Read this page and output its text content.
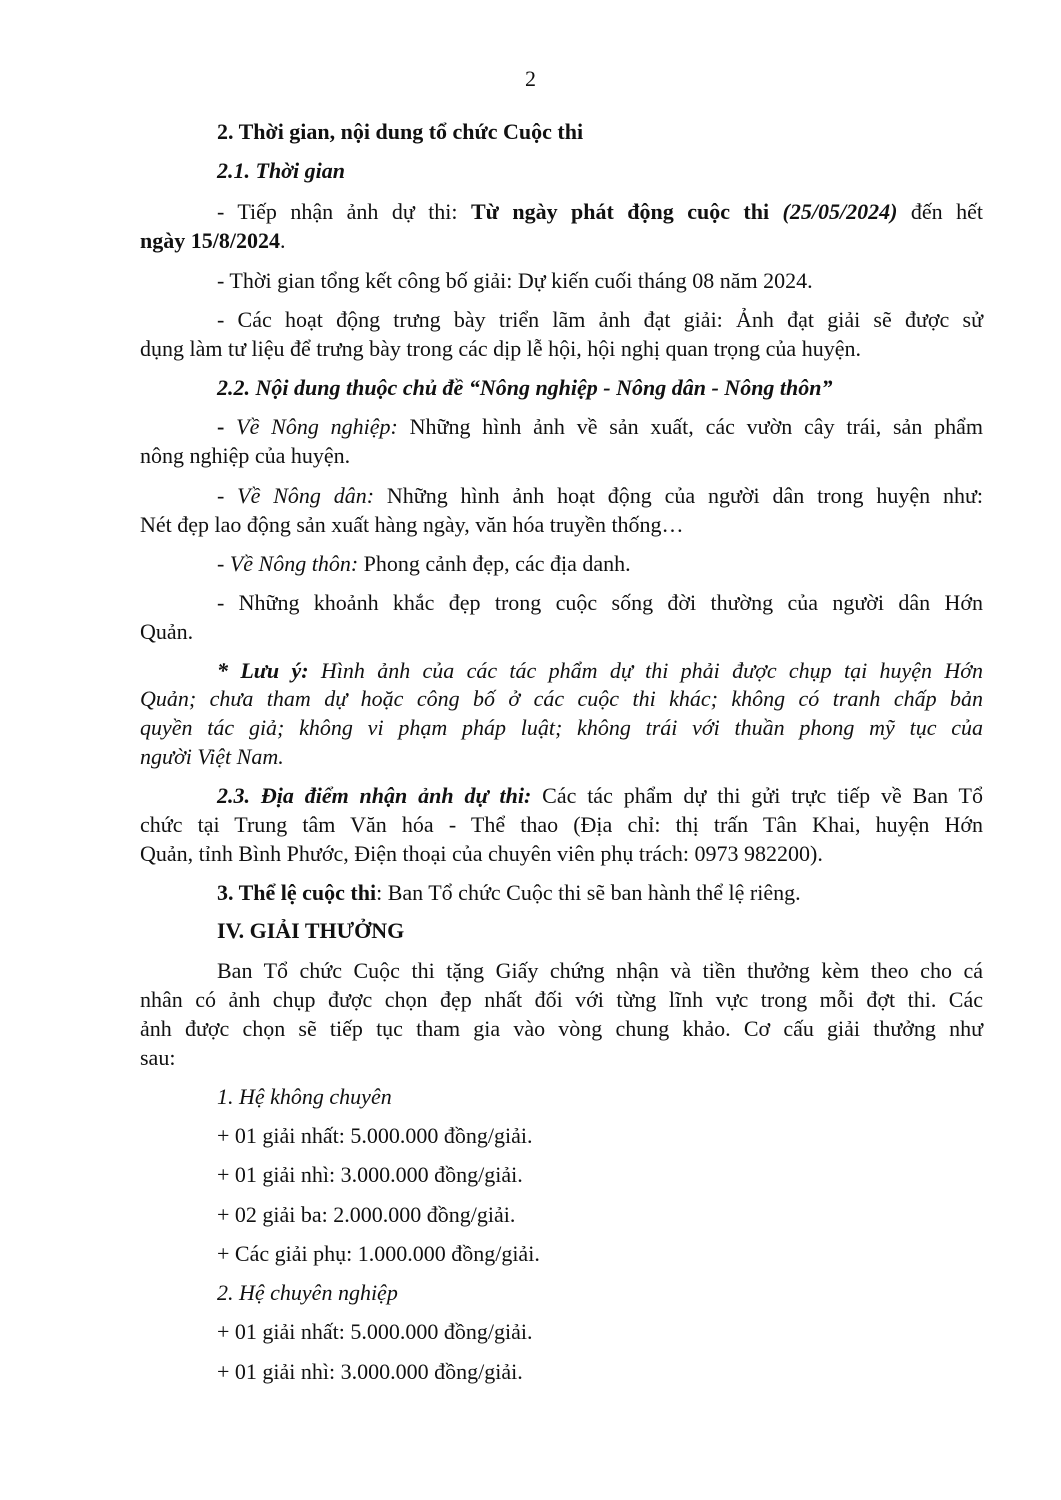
2
2. Thời gian, nội dung tổ chức Cuộc thi
2.1. Thời gian
- Tiếp nhận ảnh dự thi: Từ ngày phát động cuộc thi (25/05/2024) đến hết
ngày 15/8/2024.
- Thời gian tổng kết công bố giải: Dự kiến cuối tháng 08 năm 2024.
- Các hoạt động trưng bày triển lãm ảnh đạt giải: Ảnh đạt giải sẽ được sử
dụng làm tư liệu để trưng bày trong các dịp lễ hội, hội nghị quan trọng của huyện.
2.2. Nội dung thuộc chủ đề “Nông nghiệp - Nông dân - Nông thôn”
- Về Nông nghiệp: Những hình ảnh về sản xuất, các vườn cây trái, sản phẩm
nông nghiệp của huyện.
- Về Nông dân: Những hình ảnh hoạt động của người dân trong huyện như:
Nét đẹp lao động sản xuất hàng ngày, văn hóa truyền thống…
- Về Nông thôn: Phong cảnh đẹp, các địa danh.
- Những khoảnh khắc đẹp trong cuộc sống đời thường của người dân Hớn
Quản.
* Lưu ý: Hình ảnh của các tác phẩm dự thi phải được chụp tại huyện Hớn
Quản; chưa tham dự hoặc công bố ở các cuộc thi khác; không có tranh chấp bản
quyền tác giả; không vi phạm pháp luật; không trái với thuần phong mỹ tục của
người Việt Nam.
2.3. Địa điểm nhận ảnh dự thi: Các tác phẩm dự thi gửi trực tiếp về Ban Tổ
chức tại Trung tâm Văn hóa - Thể thao (Địa chỉ: thị trấn Tân Khai, huyện Hớn
Quản, tỉnh Bình Phước, Điện thoại của chuyên viên phụ trách: 0973 982200).
3. Thể lệ cuộc thi: Ban Tổ chức Cuộc thi sẽ ban hành thể lệ riêng.
IV. GIẢI THƯỞNG
Ban Tổ chức Cuộc thi tặng Giấy chứng nhận và tiền thưởng kèm theo cho cá
nhân có ảnh chụp được chọn đẹp nhất đối với từng lĩnh vực trong mỗi đợt thi. Các
ảnh được chọn sẽ tiếp tục tham gia vào vòng chung khảo. Cơ cấu giải thưởng như
sau:
1. Hệ không chuyên
+ 01 giải nhất: 5.000.000 đồng/giải.
+ 01 giải nhì: 3.000.000 đồng/giải.
+ 02 giải ba: 2.000.000 đồng/giải.
+ Các giải phụ: 1.000.000 đồng/giải.
2. Hệ chuyên nghiệp
+ 01 giải nhất: 5.000.000 đồng/giải.
+ 01 giải nhì: 3.000.000 đồng/giải.
